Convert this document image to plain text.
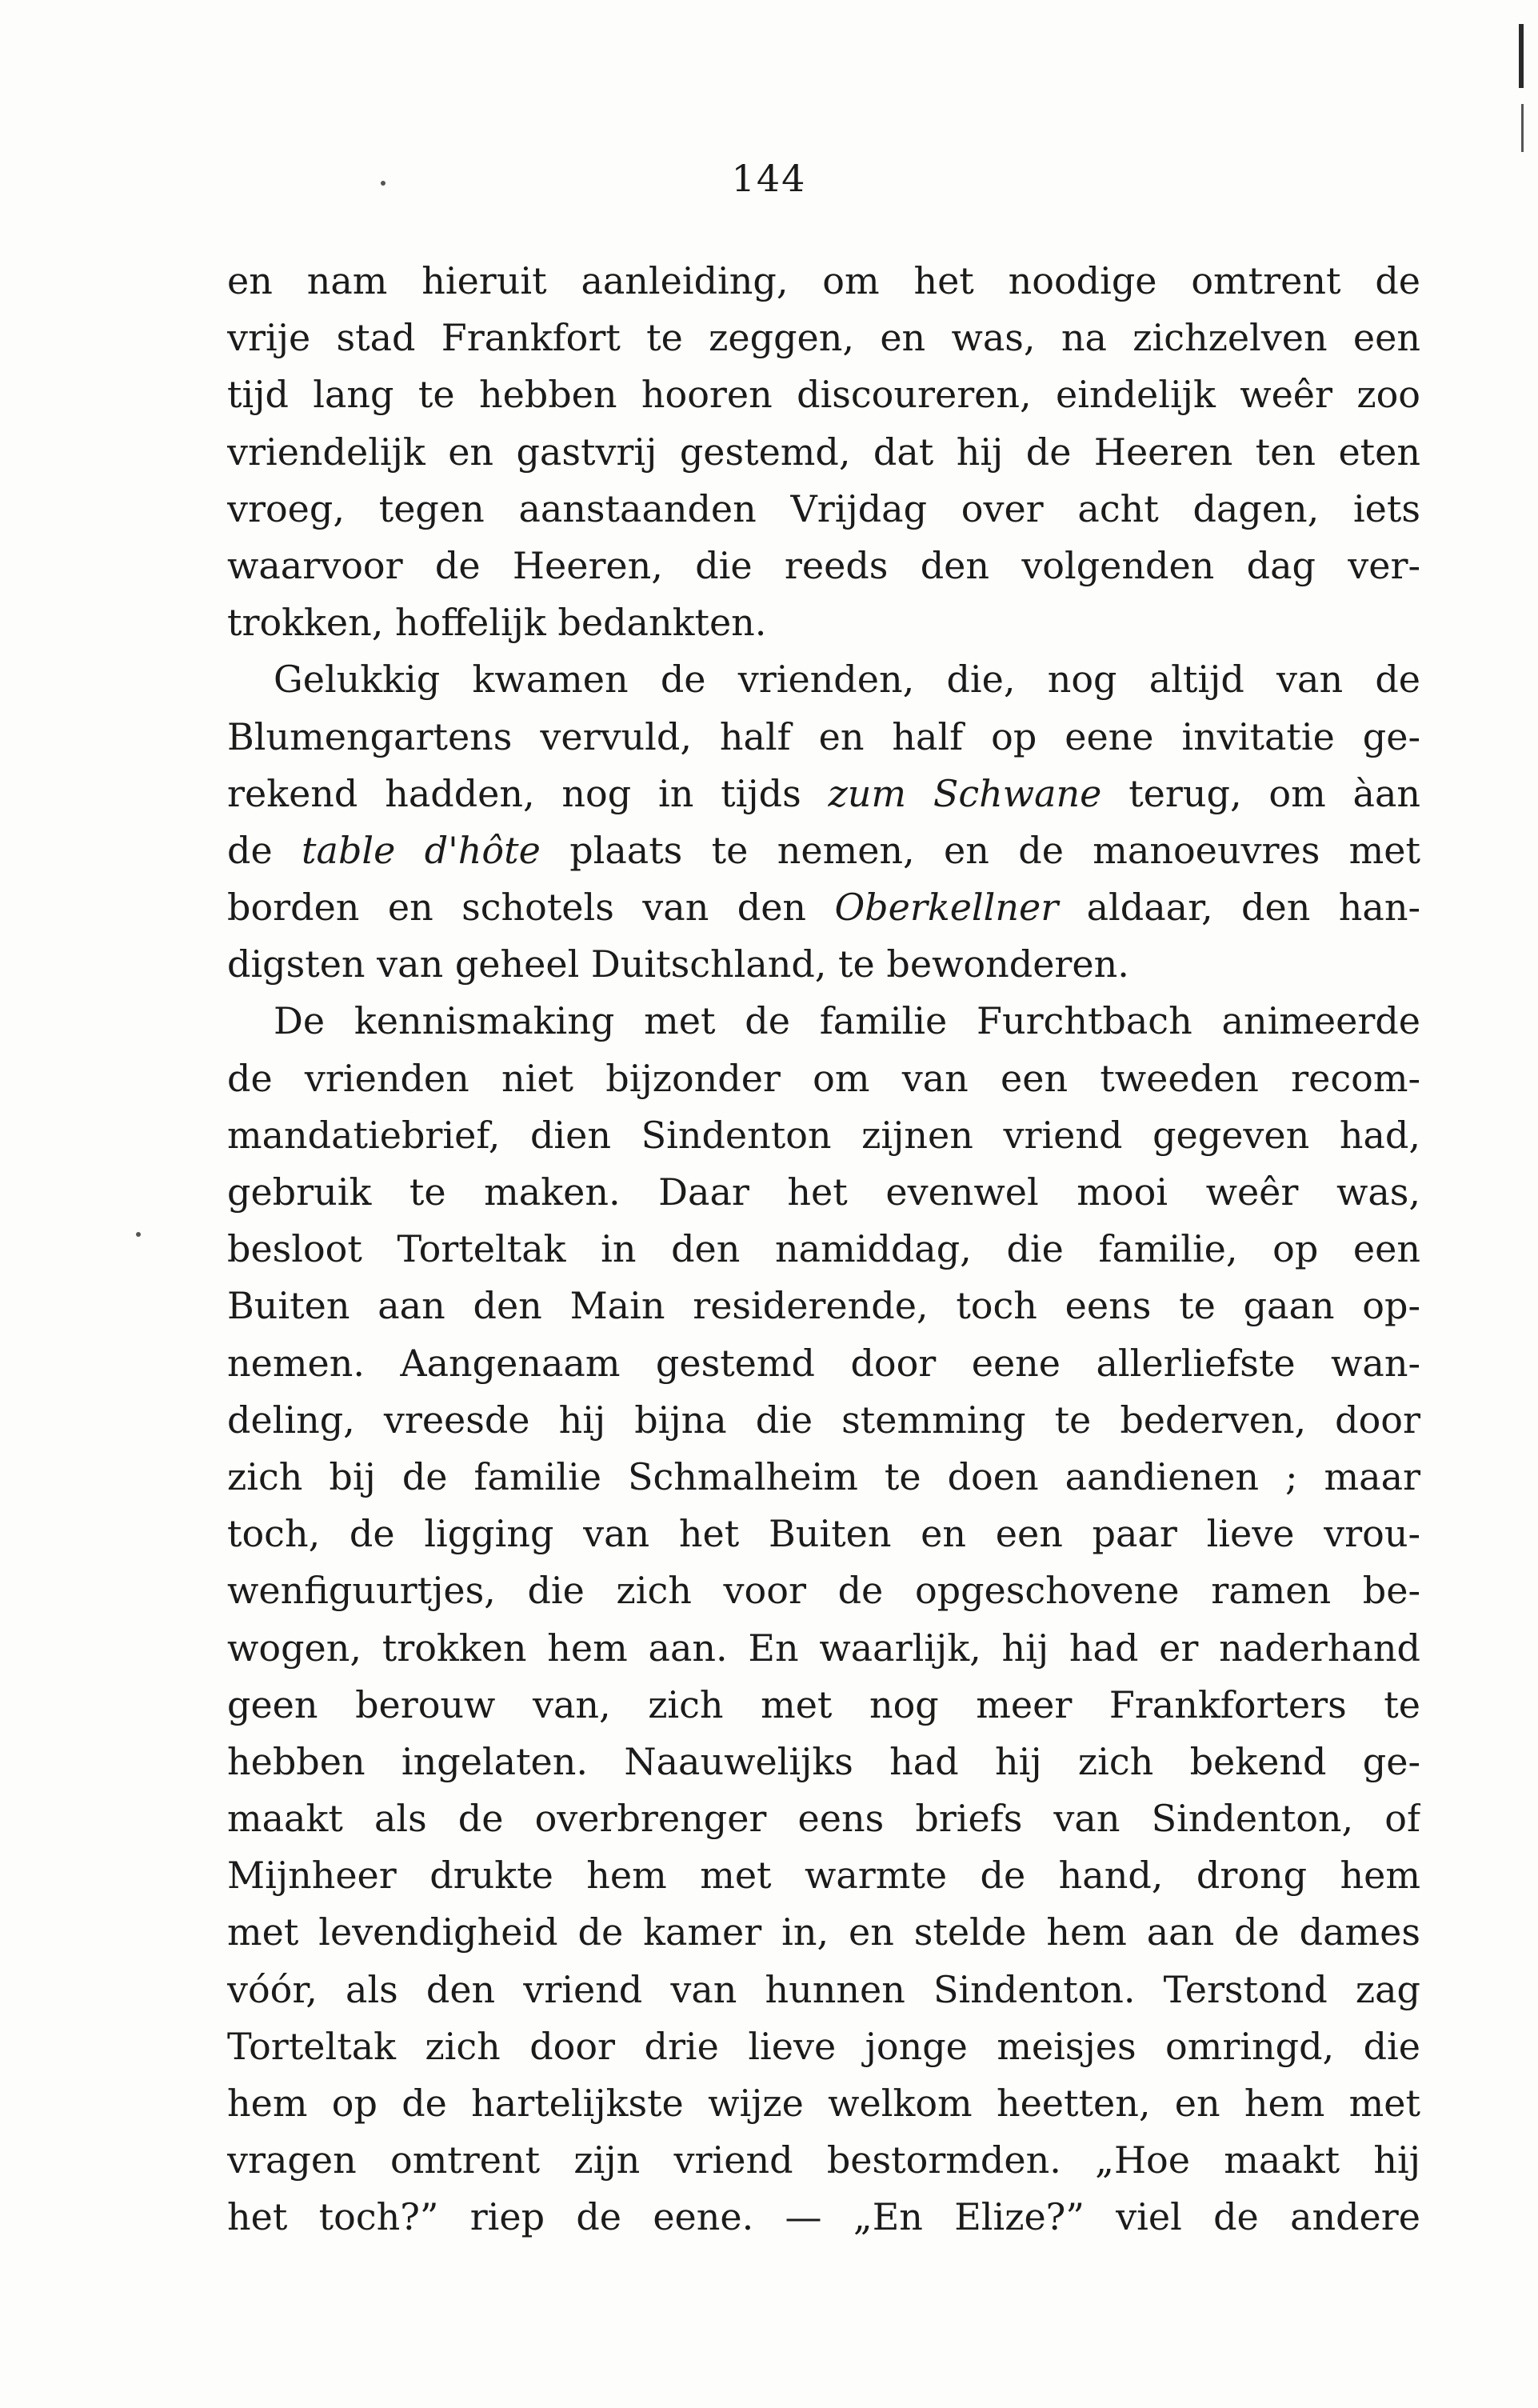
144
en nam hieruit aanleiding, om het noodige omtrent de
vrije stad Frankfort te zeggen, en was, na zichzelven een
tijd lang te hebben hooren discoureren, eindelijk weêr zoo
vriendelijk en gastvrij gestemd, dat hij de Heeren ten eten
vroeg, tegen aanstaanden Vrijdag over acht dagen, iets
waarvoor de Heeren, die reeds den volgenden dag ver-
trokken, hoffelijk bedankten.
Gelukkig kwamen de vrienden, die, nog altijd van de
Blumengartens vervuld, half en half op eene invitatie ge-
rekend hadden, nog in tijds zum Schwane terug, om àan
de table d'hôte plaats te nemen, en de manoeuvres met
borden en schotels van den Oberkellner aldaar, den han-
digsten van geheel Duitschland, te bewonderen.
De kennismaking met de familie Furchtbach animeerde
de vrienden niet bijzonder om van een tweeden recom-
mandatiebrief, dien Sindenton zijnen vriend gegeven had,
gebruik te maken. Daar het evenwel mooi weêr was,
besloot Torteltak in den namiddag, die familie, op een
Buiten aan den Main residerende, toch eens te gaan op-
nemen. Aangenaam gestemd door eene allerliefste wan-
deling, vreesde hij bijna die stemming te bederven, door
zich bij de familie Schmalheim te doen aandienen ; maar
toch, de ligging van het Buiten en een paar lieve vrou-
wenfiguurtjes, die zich voor de opgeschovene ramen be-
wogen, trokken hem aan. En waarlijk, hij had er naderhand
geen berouw van, zich met nog meer Frankforters te
hebben ingelaten. Naauwelijks had hij zich bekend ge-
maakt als de overbrenger eens briefs van Sindenton, of
Mijnheer drukte hem met warmte de hand, drong hem
met levendigheid de kamer in, en stelde hem aan de dames
vóór, als den vriend van hunnen Sindenton. Terstond zag
Torteltak zich door drie lieve jonge meisjes omringd, die
hem op de hartelijkste wijze welkom heetten, en hem met
vragen omtrent zijn vriend bestormden. „Hoe maakt hij
het toch?” riep de eene. — „En Elize?” viel de andere
